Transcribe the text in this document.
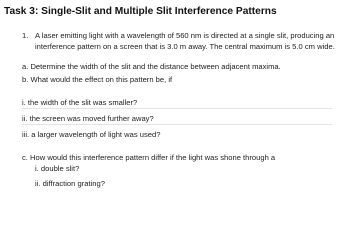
Task 3: Single-Slit and Multiple Slit Interference Patterns
1. A laser emitting light with a wavelength of 560 nm is directed at a single slit, producing an
interference pattern on a screen that is 3.0 m away. The central maximum is 5.0 cm wide.
a. Determine the width of the slit and the distance between adjacent maxima.
b. What would the effect on this pattern be, if
i. the width of the slit was smaller?
ii. the screen was moved further away?
iii. a larger wavelength of light was used?
c. How would this interference pattern differ if the light was shone through a
i. double slit?
ii. diffraction grating?
